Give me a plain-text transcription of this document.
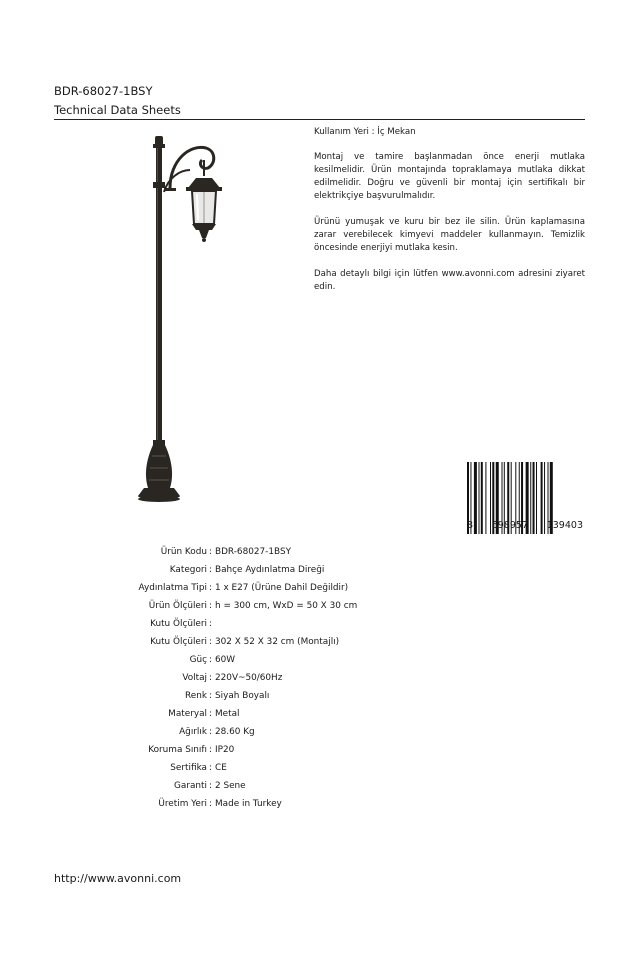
BDR-68027-1BSY
Technical Data Sheets

Kullanım Yeri : İç Mekan

Montaj ve tamire başlanmadan önce enerji mutlaka kesilmelidir. Ürün montajında topraklamaya mutlaka dikkat edilmelidir. Doğru ve güvenli bir montaj için sertifikalı bir elektrikçiye başvurulmalıdır.

Ürünü yumuşak ve kuru bir bez ile silin. Ürün kaplamasına zarar verebilecek kimyevi maddeler kullanmayın. Temizlik öncesinde enerjiyi mutlaka kesin.

Daha detaylı bilgi için lütfen www.avonni.com adresini ziyaret edin.

8 698957 139403
Ürün Kodu : BDR-68027-1BSY
Kategori : Bahçe Aydınlatma Direği
Aydınlatma Tipi : 1 x E27 (Ürüne Dahil Değildir)
Ürün Ölçüleri : h = 300 cm, WxD = 50 X 30 cm
Kutu Ölçüleri :
Kutu Ölçüleri : 302 X 52 X 32 cm (Montajlı)
Güç : 60W
Voltaj : 220V~50/60Hz
Renk : Siyah Boyalı
Materyal : Metal
Ağırlık : 28.60 Kg
Koruma Sınıfı : IP20
Sertifika : CE
Garanti : 2 Sene
Üretim Yeri : Made in Turkey
http://www.avonni.com
